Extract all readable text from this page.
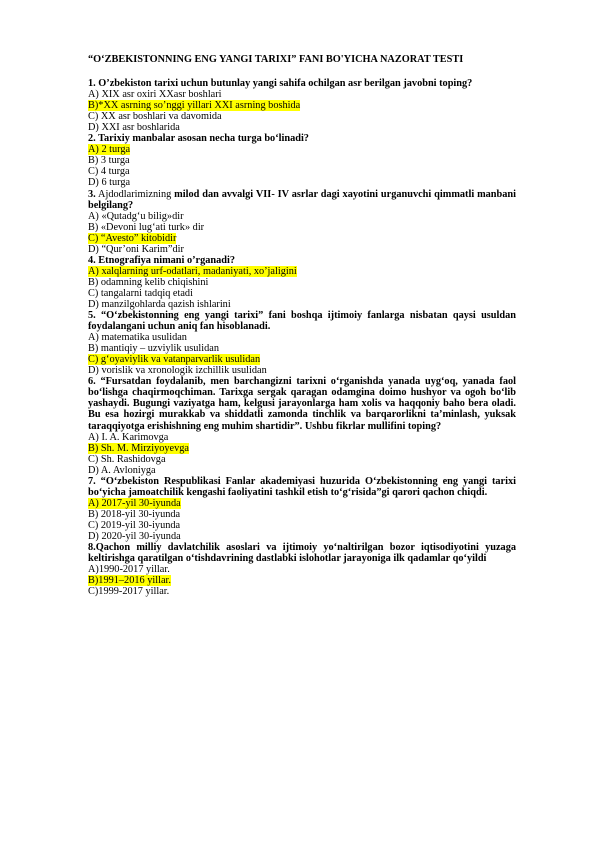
“O‘ZBEKISTONNING ENG YANGI TARIXI” FANI BO'YICHA NAZORAT TESTI
1. O’zbekiston tarixi uchun butunlay yangi sahifa ochilgan asr berilgan javobni toping?
A) XIX asr oxiri XXasr boshlari
B)*XX asrning so’nggi yillari XXI asrning boshida
C) XX asr boshlari va davomida
D) XXI asr boshlarida
2. Tarixiy manbalar asosan necha turga bo‘linadi?
A) 2 turga
B) 3 turga
C) 4 turga
D) 6 turga
3. Ajdodlarimizning milod dan avvalgi VII- IV asrlar dagi xayotini urganuvchi qimmatli manbani belgilang?
A) «Qutadg‘u bilig»dir
B) «Devoni lug‘ati turk» dir
C) “Avesto” kitobidir
D) “Qur’oni Karim”dir
4. Etnografiya nimani o’rganadi?
A) xalqlarning urf-odatlari, madaniyati, xo’jaligini
B) odamning kelib chiqishini
C) tangalarni tadqiq etadi
D) manzilgohlarda qazish ishlarini
5. “O‘zbekistonning eng yangi tarixi” fani boshqa ijtimoiy fanlarga nisbatan qaysi usuldan foydalangani uchun aniq fan hisoblanadi.
A) matematika usulidan
B) mantiqiy – uzviylik usulidan
C) g‘oyaviylik va vatanparvarlik usulidan
D) vorislik va xronologik izchillik usulidan
6. “Fursatdan foydalanib, men barchangizni tarixni o‘rganishda yanada uyg‘oq, yanada faol bo‘lishga chaqirmoqchiman. Tarixga sergak qaragan odamgina doimo hushyor va ogoh bo‘lib yashaydi. Bugungi vaziyatga ham, kelgusi jarayonlarga ham xolis va haqqoniy baho bera oladi. Bu esa hozirgi murakkab va shiddatli zamonda tinchlik va barqarorlikni ta’minlash, yuksak taraqqiyotga erishishning eng muhim shartidir”. Ushbu fikrlar mullifini toping?
A) I. A. Karimovga
B) Sh. M. Mirziyoyevga
C) Sh. Rashidovga
D) A. Avloniyga
7. “O‘zbekiston Respublikasi Fanlar akademiyasi huzurida O‘zbekistonning eng yangi tarixi bo‘yicha jamoatchilik kengashi faoliyatini tashkil etish to‘g‘risida”gi qarori qachon chiqdi.
A) 2017-yil 30-iyunda
B) 2018-yil 30-iyunda
C) 2019-yil 30-iyunda
D) 2020-yil 30-iyunda
8.Qachon milliy davlatchilik asoslari va ijtimoiy yo‘naltirilgan bozor iqtisodiyotini yuzaga keltirishga qaratilgan o‘tishdavrining dastlabki islohotlar jarayoniga ilk qadamlar qo‘yildi
A)1990-2017 yillar.
B)1991–2016 yillar.
C)1999-2017 yillar.
